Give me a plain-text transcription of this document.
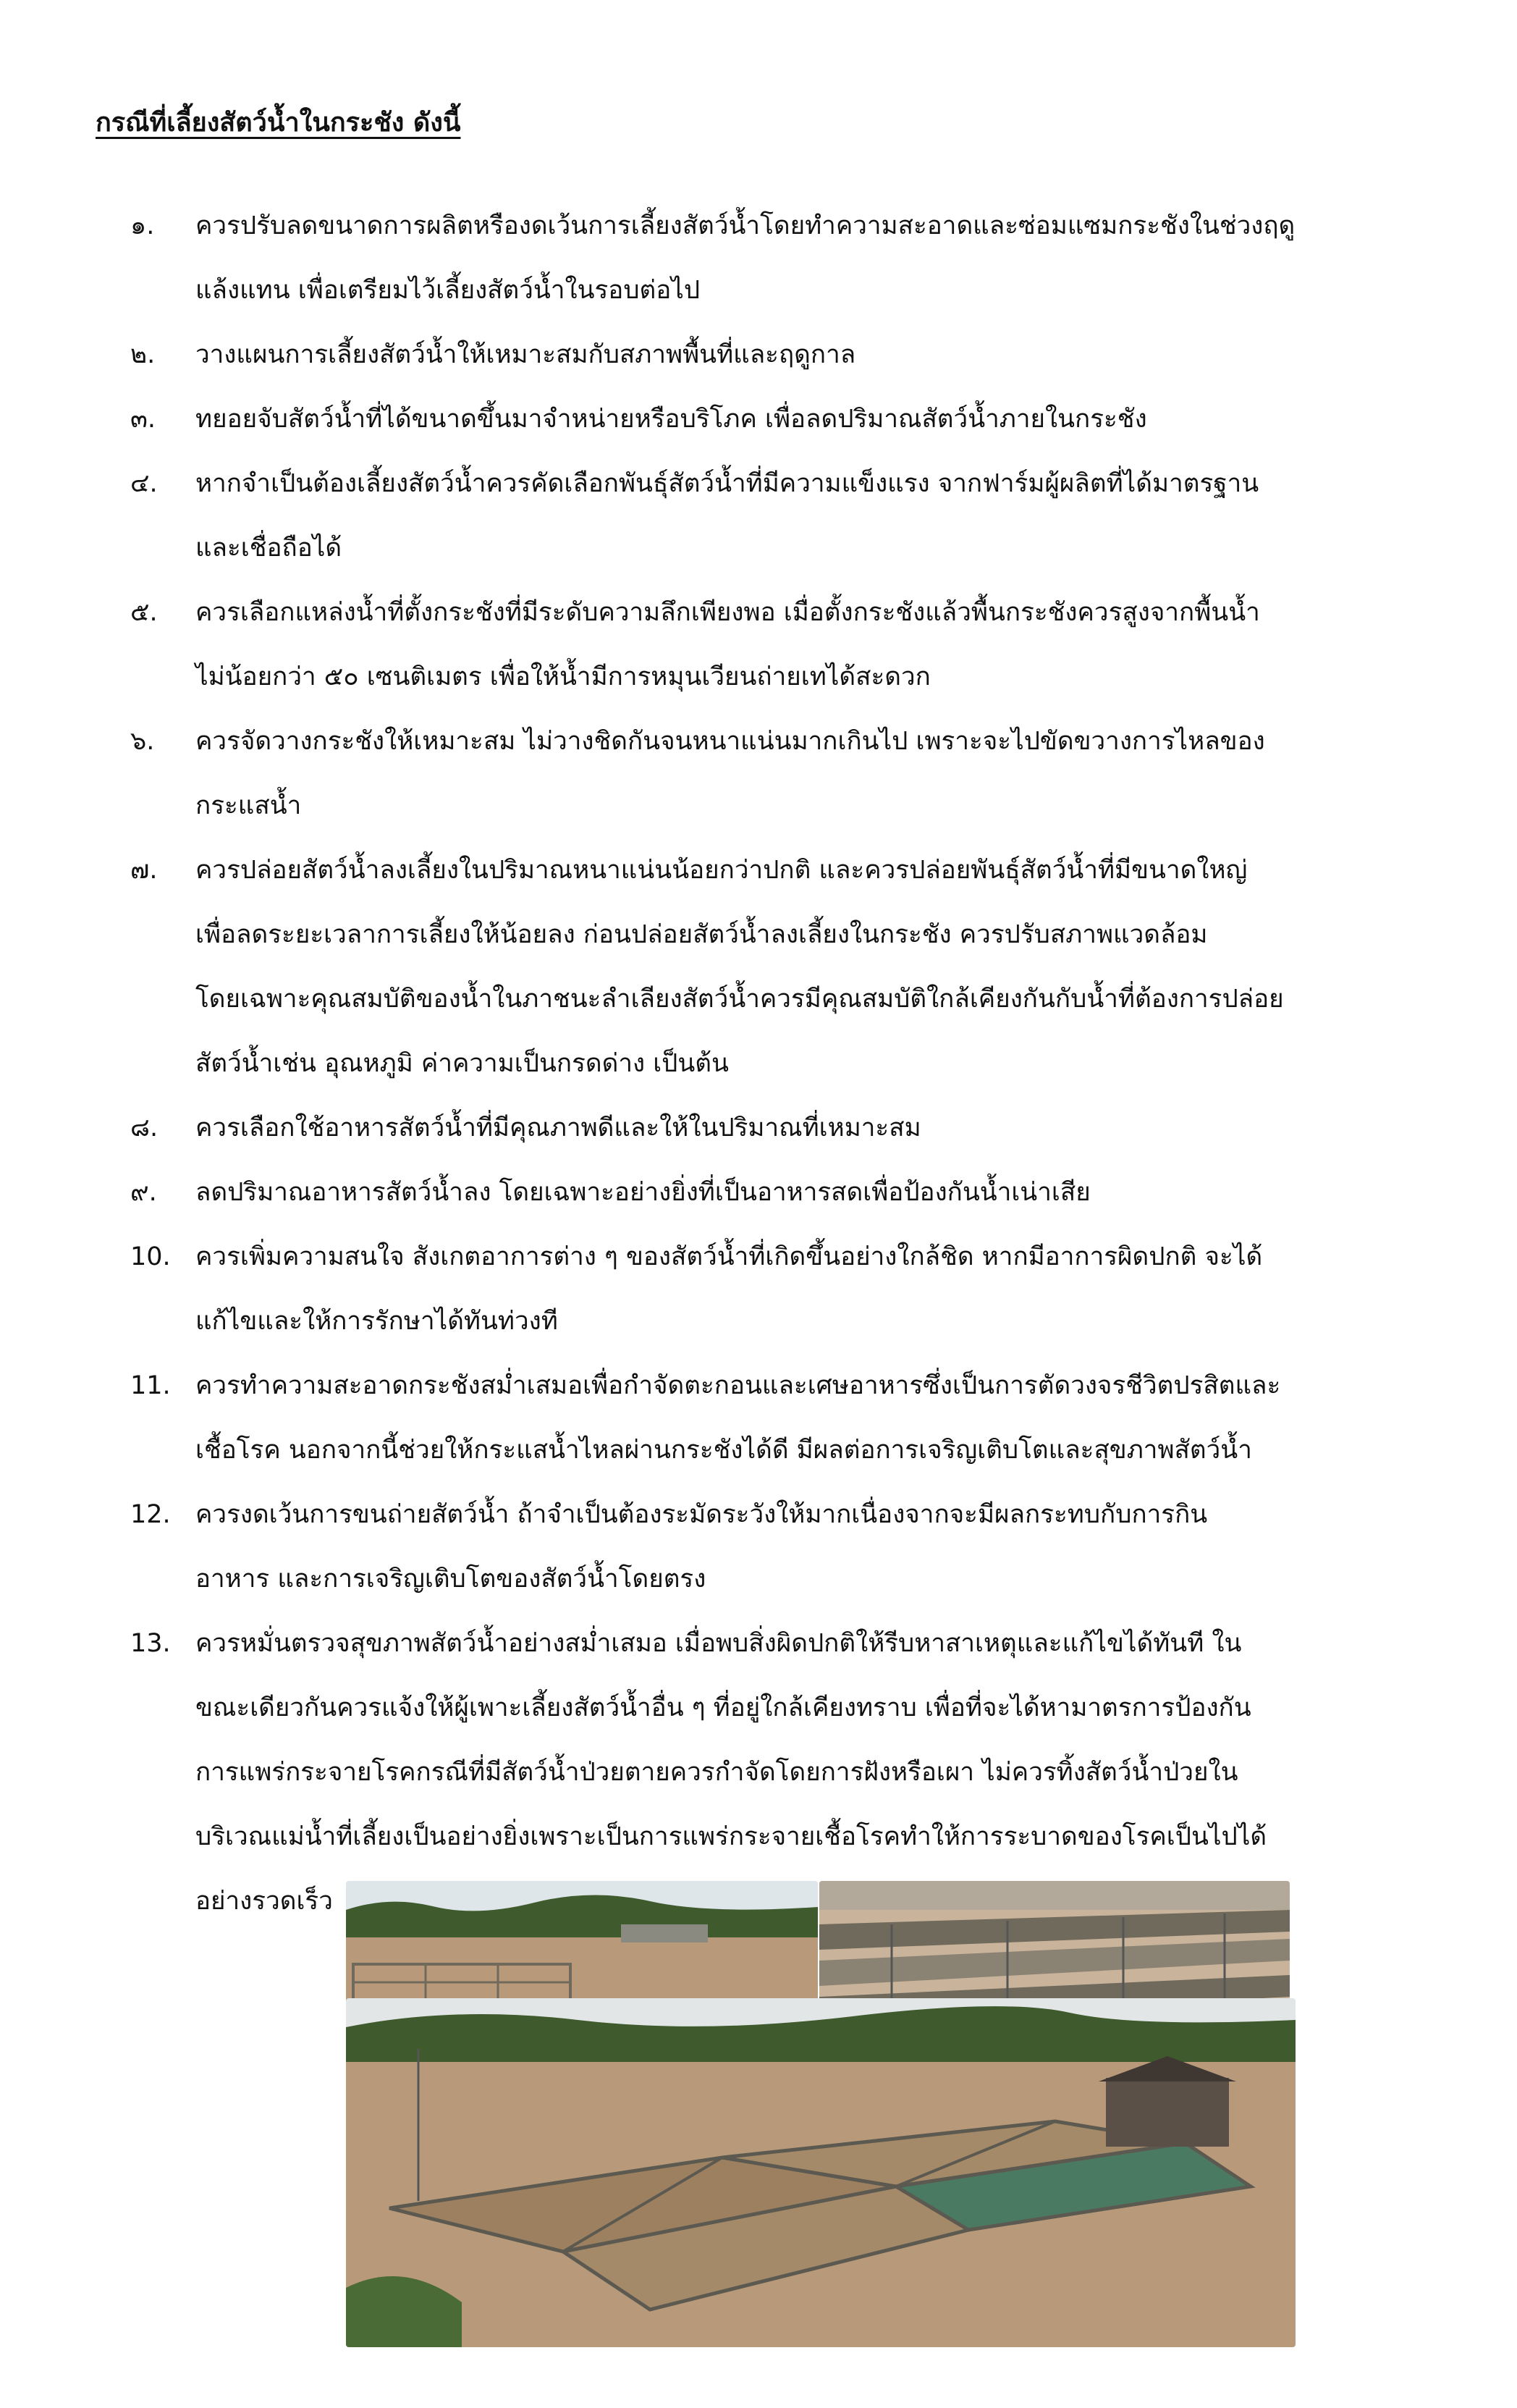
กรณีที่เลี้ยงสัตว์น้ำในกระชัง ดังนี้
๑.	ควรปรับลดขนาดการผลิตหรืองดเว้นการเลี้ยงสัตว์น้ำโดยทำความสะอาดและซ่อมแซมกระชังในช่วงฤดู
แล้งแทน เพื่อเตรียมไว้เลี้ยงสัตว์น้ำในรอบต่อไป
๒.	วางแผนการเลี้ยงสัตว์น้ำให้เหมาะสมกับสภาพพื้นที่และฤดูกาล
๓.	ทยอยจับสัตว์น้ำที่ได้ขนาดขึ้นมาจำหน่ายหรือบริโภค เพื่อลดปริมาณสัตว์น้ำภายในกระชัง
๔.	หากจำเป็นต้องเลี้ยงสัตว์น้ำควรคัดเลือกพันธุ์สัตว์น้ำที่มีความแข็งแรง จากฟาร์มผู้ผลิตที่ได้มาตรฐาน
และเชื่อถือได้
๕.	ควรเลือกแหล่งน้ำที่ตั้งกระชังที่มีระดับความลึกเพียงพอ เมื่อตั้งกระชังแล้วพื้นกระชังควรสูงจากพื้นน้ำ
ไม่น้อยกว่า ๕๐ เซนติเมตร เพื่อให้น้ำมีการหมุนเวียนถ่ายเทได้สะดวก
๖.	ควรจัดวางกระชังให้เหมาะสม ไม่วางชิดกันจนหนาแน่นมากเกินไป เพราะจะไปขัดขวางการไหลของ
กระแสน้ำ
๗.	ควรปล่อยสัตว์น้ำลงเลี้ยงในปริมาณหนาแน่นน้อยกว่าปกติ และควรปล่อยพันธุ์สัตว์น้ำที่มีขนาดใหญ่
เพื่อลดระยะเวลาการเลี้ยงให้น้อยลง ก่อนปล่อยสัตว์น้ำลงเลี้ยงในกระชัง ควรปรับสภาพแวดล้อม
โดยเฉพาะคุณสมบัติของน้ำในภาชนะลำเลียงสัตว์น้ำควรมีคุณสมบัติใกล้เคียงกันกับน้ำที่ต้องการปล่อย
สัตว์น้ำเช่น อุณหภูมิ ค่าความเป็นกรดด่าง เป็นต้น
๘.	ควรเลือกใช้อาหารสัตว์น้ำที่มีคุณภาพดีและให้ในปริมาณที่เหมาะสม
๙.	ลดปริมาณอาหารสัตว์น้ำลง โดยเฉพาะอย่างยิ่งที่เป็นอาหารสดเพื่อป้องกันน้ำเน่าเสีย
10. ควรเพิ่มความสนใจ สังเกตอาการต่าง ๆ ของสัตว์น้ำที่เกิดขึ้นอย่างใกล้ชิด หากมีอาการผิดปกติ จะได้
แก้ไขและให้การรักษาได้ทันท่วงที
11. ควรทำความสะอาดกระชังสม่ำเสมอเพื่อกำจัดตะกอนและเศษอาหารซึ่งเป็นการตัดวงจรชีวิตปรสิตและ
เชื้อโรค นอกจากนี้ช่วยให้กระแสน้ำไหลผ่านกระชังได้ดี มีผลต่อการเจริญเติบโตและสุขภาพสัตว์น้ำ
12. ควรงดเว้นการขนถ่ายสัตว์น้ำ ถ้าจำเป็นต้องระมัดระวังให้มากเนื่องจากจะมีผลกระทบกับการกิน
อาหาร และการเจริญเติบโตของสัตว์น้ำโดยตรง
13. ควรหมั่นตรวจสุขภาพสัตว์น้ำอย่างสม่ำเสมอ เมื่อพบสิ่งผิดปกติให้รีบหาสาเหตุและแก้ไขได้ทันที ใน
ขณะเดียวกันควรแจ้งให้ผู้เพาะเลี้ยงสัตว์น้ำอื่น ๆ ที่อยู่ใกล้เคียงทราบ เพื่อที่จะได้หามาตรการป้องกัน
การแพร่กระจายโรคกรณีที่มีสัตว์น้ำป่วยตายควรกำจัดโดยการฝังหรือเผา ไม่ควรทิ้งสัตว์น้ำป่วยใน
บริเวณแม่น้ำที่เลี้ยงเป็นอย่างยิ่งเพราะเป็นการแพร่กระจายเชื้อโรคทำให้การระบาดของโรคเป็นไปได้
อย่างรวดเร็ว
